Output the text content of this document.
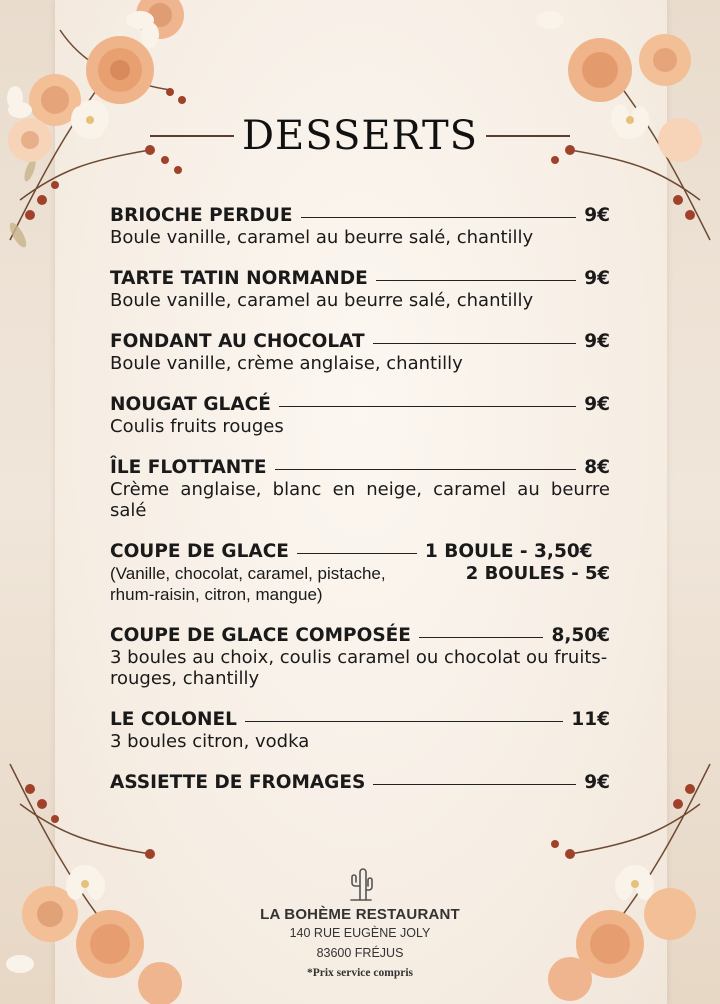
DESSERTS
BRIOCHE PERDUE	9€
Boule vanille, caramel au beurre salé, chantilly
TARTE TATIN NORMANDE	9€
Boule vanille, caramel au beurre salé, chantilly
FONDANT AU CHOCOLAT	9€
Boule vanille, crème anglaise, chantilly
NOUGAT GLACÉ	9€
Coulis fruits rouges
ÎLE FLOTTANTE	8€
Crème anglaise, blanc en neige, caramel au beurre salé
COUPE DE GLACE	1 BOULE - 3,50€
(Vanille, chocolat, caramel, pistache, rhum-raisin, citron, mangue)
2 BOULES - 5€
COUPE DE GLACE COMPOSÉE	8,50€
3 boules au choix, coulis caramel ou chocolat ou fruits-rouges, chantilly
LE COLONEL	11€
3 boules citron, vodka
ASSIETTE DE FROMAGES	9€
LA BOHÈME RESTAURANT
140 RUE EUGÈNE JOLY
83600 FRÉJUS
*Prix service compris
